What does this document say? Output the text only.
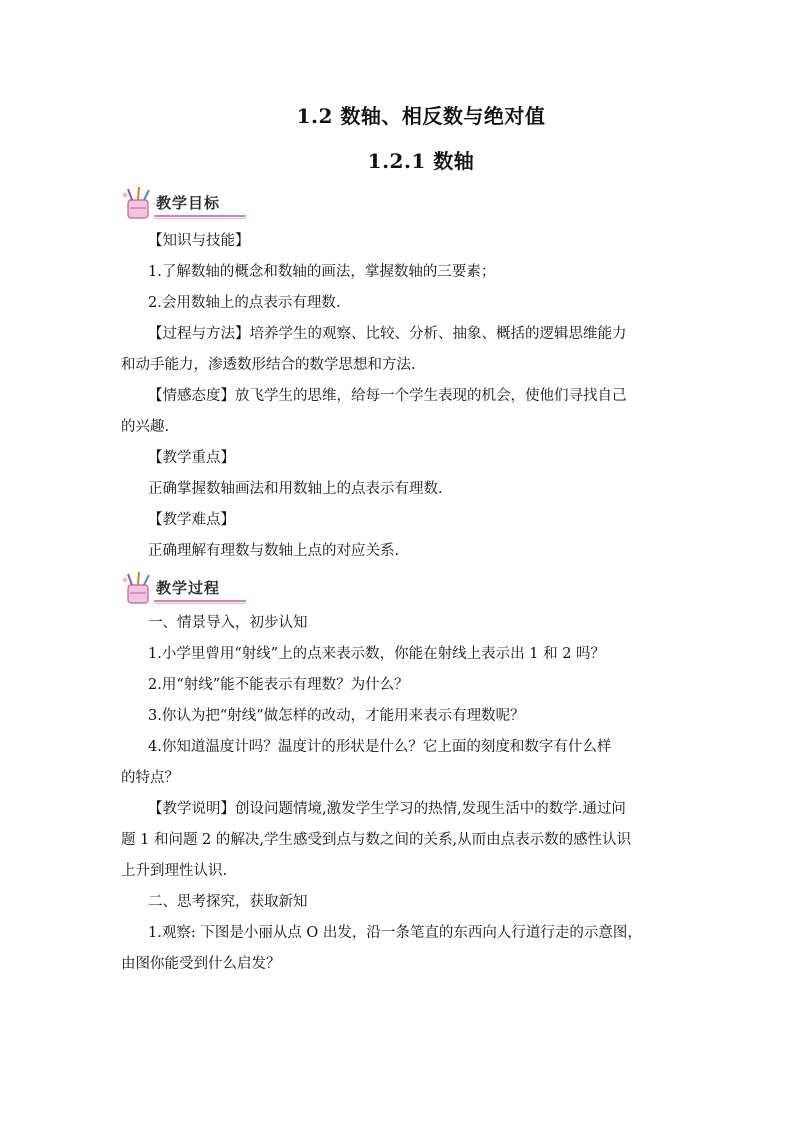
1.2 数轴、相反数与绝对值
1.2.1 数轴
教学目标
【知识与技能】
1.了解数轴的概念和数轴的画法，掌握数轴的三要素；
2.会用数轴上的点表示有理数.
【过程与方法】培养学生的观察、比较、分析、抽象、概括的逻辑思维能力
和动手能力，渗透数形结合的数学思想和方法.
【情感态度】放飞学生的思维，给每一个学生表现的机会，使他们寻找自己
的兴趣.
【教学重点】
正确掌握数轴画法和用数轴上的点表示有理数.
【教学难点】
正确理解有理数与数轴上点的对应关系.
教学过程
一、情景导入，初步认知
1.小学里曾用“射线”上的点来表示数，你能在射线上表示出 1 和 2 吗？
2.用“射线”能不能表示有理数？为什么？
3.你认为把“射线”做怎样的改动，才能用来表示有理数呢？
4.你知道温度计吗？温度计的形状是什么？它上面的刻度和数字有什么样
的特点？
【教学说明】创设问题情境,激发学生学习的热情,发现生活中的数学.通过问
题 1 和问题 2 的解决,学生感受到点与数之间的关系,从而由点表示数的感性认识
上升到理性认识.
二、思考探究，获取新知
1.观察: 下图是小丽从点 O 出发，沿一条笔直的东西向人行道行走的示意图，
由图你能受到什么启发？
